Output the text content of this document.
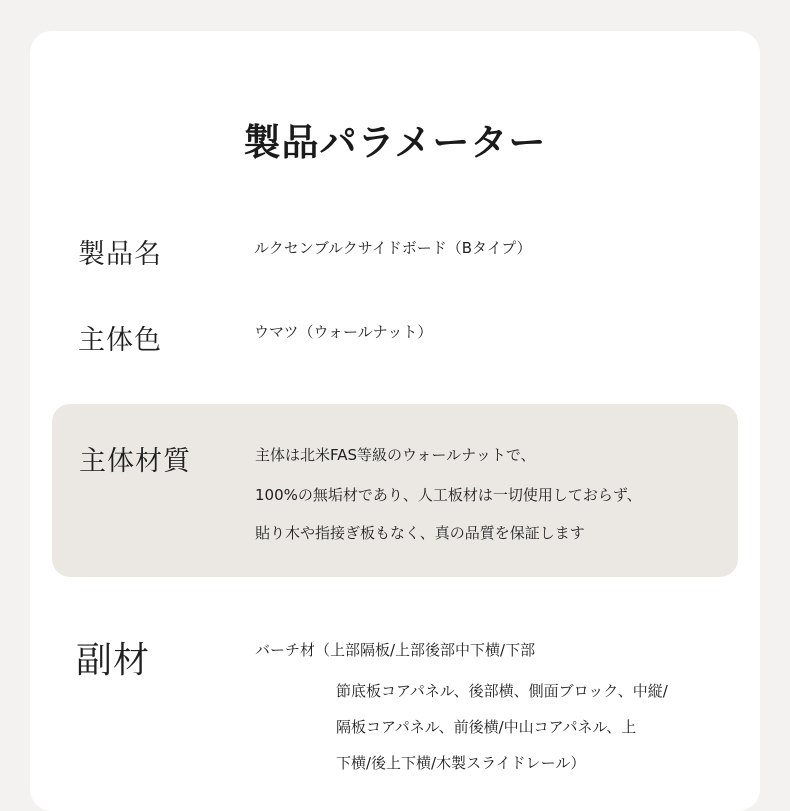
製品パラメーター
製品名	ルクセンブルクサイドボード（Bタイプ）
主体色	ウマツ（ウォールナット）
主体材質	主体は北米FAS等級のウォールナットで、
100%の無垢材であり、人工板材は一切使用しておらず、
貼り木や指接ぎ板もなく、真の品質を保証します
副材	バーチ材（上部隔板/上部後部中下横/下部
節底板コアパネル、後部横、側面ブロック、中縦/
隔板コアパネル、前後横/中山コアパネル、上
下横/後上下横/木製スライドレール）
